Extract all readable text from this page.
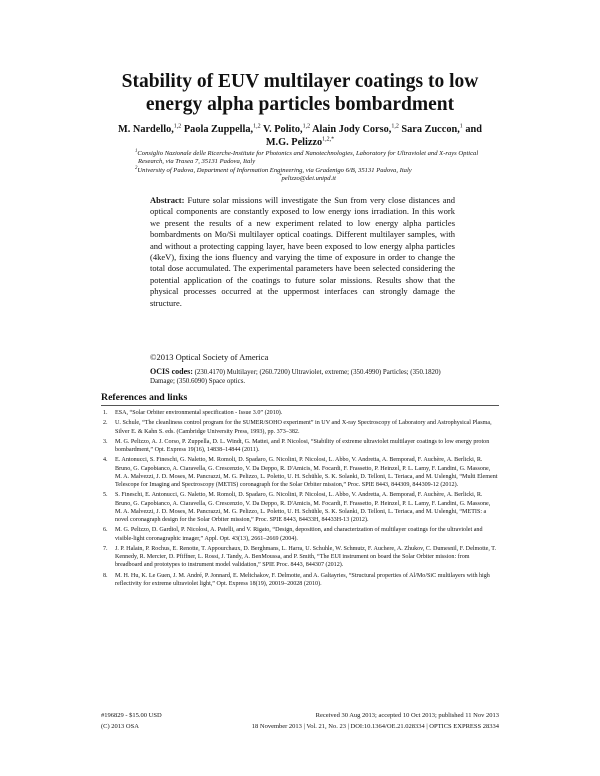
Stability of EUV multilayer coatings to low energy alpha particles bombardment
M. Nardello,$^{1,2}$ Paola Zuppella,$^{1,2}$ V. Polito,$^{1,2}$ Alain Jody Corso,$^{1,2}$ Sara Zuccon,$^1$ and M.G. Pelizzo$^{1,2,*}$

$^1$Consiglio Nazionale delle Ricerche-Institute for Photonics and Nanotechnologies, Laboratory for Ultraviolet and X-rays Optical Research, via Trasea 7, 35131 Padova, Italy

$^2$University of Padova, Department of Information Engineering, via Gradenigo 6/B, 35131 Padova, Italy

*pelizzo@dei.unipd.it

Abstract: Future solar missions will investigate the Sun from very close distances and optical components are constantly exposed to low energy ions irradiation. In this work we present the results of a new experiment related to low energy alpha particles bombardments on Mo/Si multilayer optical coatings. Different multilayer samples, with and without a protecting capping layer, have been exposed to low energy alpha particles (4keV), fixing the ions fluency and varying the time of exposure in order to change the total dose accumulated. The experimental parameters have been selected considering the potential application of the coatings to future solar missions. Results show that the physical processes occurred at the uppermost interfaces can strongly damage the structure.
©2013 Optical Society of America
OCIS codes: (230.4170) Multilayer; (260.7200) Ultraviolet, extreme; (350.4990) Particles; (350.1820) Damage; (350.6090) Space optics.
References and links
1. ESA, “Solar Orbiter environmental specification - Issue 3.0” (2010).
2. U. Schule, “The cleanliness control program for the SUMER/SOHO experiment” in UV and X-ray Spectroscopy of Laboratory and Astrophysical Plasma, Silver E. & Kahn S. eds. (Cambridge University Press, 1993), pp. 373–382.
3. M. G. Pelizzo, A. J. Corso, P. Zuppella, D. L. Windt, G. Mattei, and P. Nicolosi, “Stability of extreme ultraviolet multilayer coatings to low energy proton bombardment,” Opt. Express 19(16), 14838–14844 (2011).
4. E. Antonucci, S. Fineschi, G. Naletto, M. Romoli, D. Spadaro, G. Nicolini, P. Nicolosi, L. Abbo, V. Andretta, A. Bemporad, F. Auchère, A. Berlicki, R. Bruno, G. Capobianco, A. Ciaravella, G. Crescenzio, V. Da Deppo, R. D'Amicis, M. Focardi, F. Frassetto, P. Heinzel, P. L. Lamy, F. Landini, G. Massone, M. A. Malvezzi, J. D. Moses, M. Pancrazzi, M. G. Pelizzo, L. Poletto, U. H. Schühle, S. K. Solanki, D. Telloni, L. Teriaca, and M. Uslenghi, “Multi Element Telescope for Imaging and Spectroscopy (METIS) coronagraph for the Solar Orbiter mission,” Proc. SPIE 8443, 844309, 844309-12 (2012).
5. S. Fineschi, E. Antonucci, G. Naletto, M. Romoli, D. Spadaro, G. Nicolini, P. Nicolosi, L. Abbo, V. Andretta, A. Bemporad, F. Auchère, A. Berlicki, R. Bruno, G. Capobianco, A. Ciaravella, G. Crescenzio, V. Da Deppo, R. D'Amicis, M. Focardi, F. Frassetto, P. Heinzel, P. L. Lamy, F. Landini, G. Massone, M. A. Malvezzi, J. D. Moses, M. Pancrazzi, M. G. Pelizzo, L. Poletto, U. H. Schühle, S. K. Solanki, D. Telloni, L. Teriaca, and M. Uslenghi, “METIS: a novel coronagraph design for the Solar Orbiter mission,” Proc. SPIE 8443, 84433H, 84433H-13 (2012).
6. M. G. Pelizzo, D. Gardiol, P. Nicolosi, A. Patelli, and V. Rigato, “Design, deposition, and characterization of multilayer coatings for the ultraviolet and visible-light coronagraphic imager,” Appl. Opt. 43(13), 2661–2669 (2004).
7. J. P. Halain, P. Rochus, E. Renotte, T. Appourchaux, D. Berghmans, L. Harra, U. Schuhle, W. Schmutz, F. Auchere, A. Zhukov, C. Dumesnil, F. Delmotte, T. Kennedy, R. Mercier, D. Pfiffner, L. Rossi, J. Tandy, A. BenMoussa, and P. Smith, “The EUI instrument on board the Solar Orbiter mission: from breadboard and prototypes to instrument model validation,” SPIE Proc. 8443, 844307 (2012).
8. M. H. Hu, K. Le Guen, J. M. André, P. Jonnard, E. Meltchakov, F. Delmotte, and A. Galtayries, “Structural properties of Al/Mo/SiC multilayers with high reflectivity for extreme ultraviolet light,” Opt. Express 18(19), 20019–20028 (2010).
#196829 - $15.00 USD	Received 30 Aug 2013; accepted 10 Oct 2013; published 11 Nov 2013
(C) 2013 OSA	18 November 2013 | Vol. 21, No. 23 | DOI:10.1364/OE.21.028334 | OPTICS EXPRESS 28334
